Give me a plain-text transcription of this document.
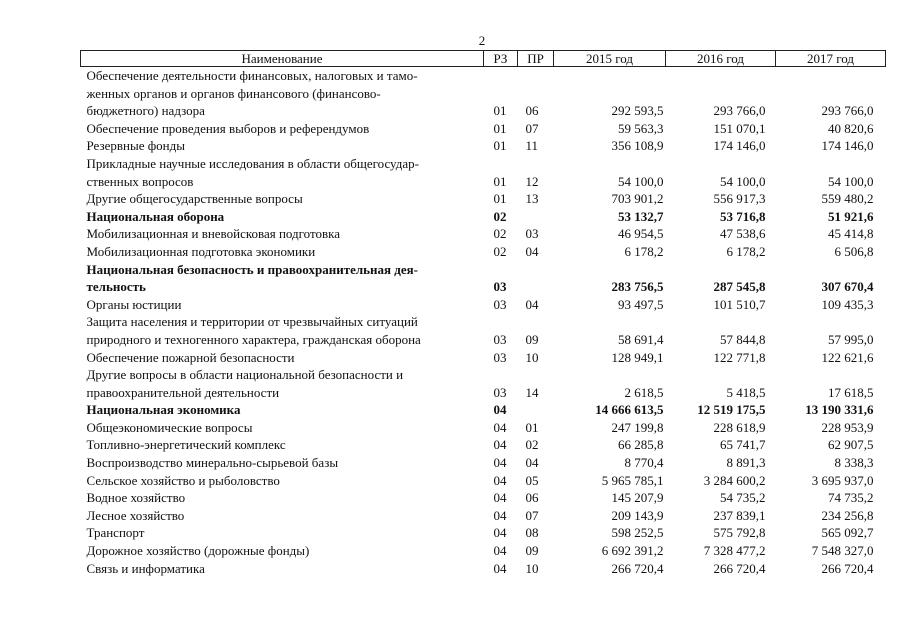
2
Наименование	РЗ	ПР	2015 год	2016 год	2017 год

Обеспечение деятельности финансовых, налоговых и тамо-
женных органов и органов финансового (финансово-
бюджетного) надзора	01	06	292 593,5	293 766,0	293 766,0

Обеспечение проведения выборов и референдумов	01	07	59 563,3	151 070,1	40 820,6

Резервные фонды	01	11	356 108,9	174 146,0	174 146,0

Прикладные научные исследования в области общегосудар-
ственных вопросов	01	12	54 100,0	54 100,0	54 100,0

Другие общегосударственные вопросы	01	13	703 901,2	556 917,3	559 480,2

Национальная оборона	02		53 132,7	53 716,8	51 921,6

Мобилизационная и вневойсковая подготовка	02	03	46 954,5	47 538,6	45 414,8

Мобилизационная подготовка экономики	02	04	6 178,2	6 178,2	6 506,8

Национальная безопасность и правоохранительная дея-
тельность	03		283 756,5	287 545,8	307 670,4

Органы юстиции	03	04	93 497,5	101 510,7	109 435,3

Защита населения и территории от чрезвычайных ситуаций
природного и техногенного характера, гражданская оборона	03	09	58 691,4	57 844,8	57 995,0

Обеспечение пожарной безопасности	03	10	128 949,1	122 771,8	122 621,6

Другие вопросы в области национальной безопасности и
правоохранительной деятельности	03	14	2 618,5	5 418,5	17 618,5

Национальная экономика	04		14 666 613,5	12 519 175,5	13 190 331,6

Общеэкономические вопросы	04	01	247 199,8	228 618,9	228 953,9

Топливно-энергетический комплекс	04	02	66 285,8	65 741,7	62 907,5

Воспроизводство минерально-сырьевой базы	04	04	8 770,4	8 891,3	8 338,3

Сельское хозяйство и рыболовство	04	05	5 965 785,1	3 284 600,2	3 695 937,0

Водное хозяйство	04	06	145 207,9	54 735,2	74 735,2

Лесное хозяйство	04	07	209 143,9	237 839,1	234 256,8

Транспорт	04	08	598 252,5	575 792,8	565 092,7

Дорожное хозяйство (дорожные фонды)	04	09	6 692 391,2	7 328 477,2	7 548 327,0

Связь и информатика	04	10	266 720,4	266 720,4	266 720,4
